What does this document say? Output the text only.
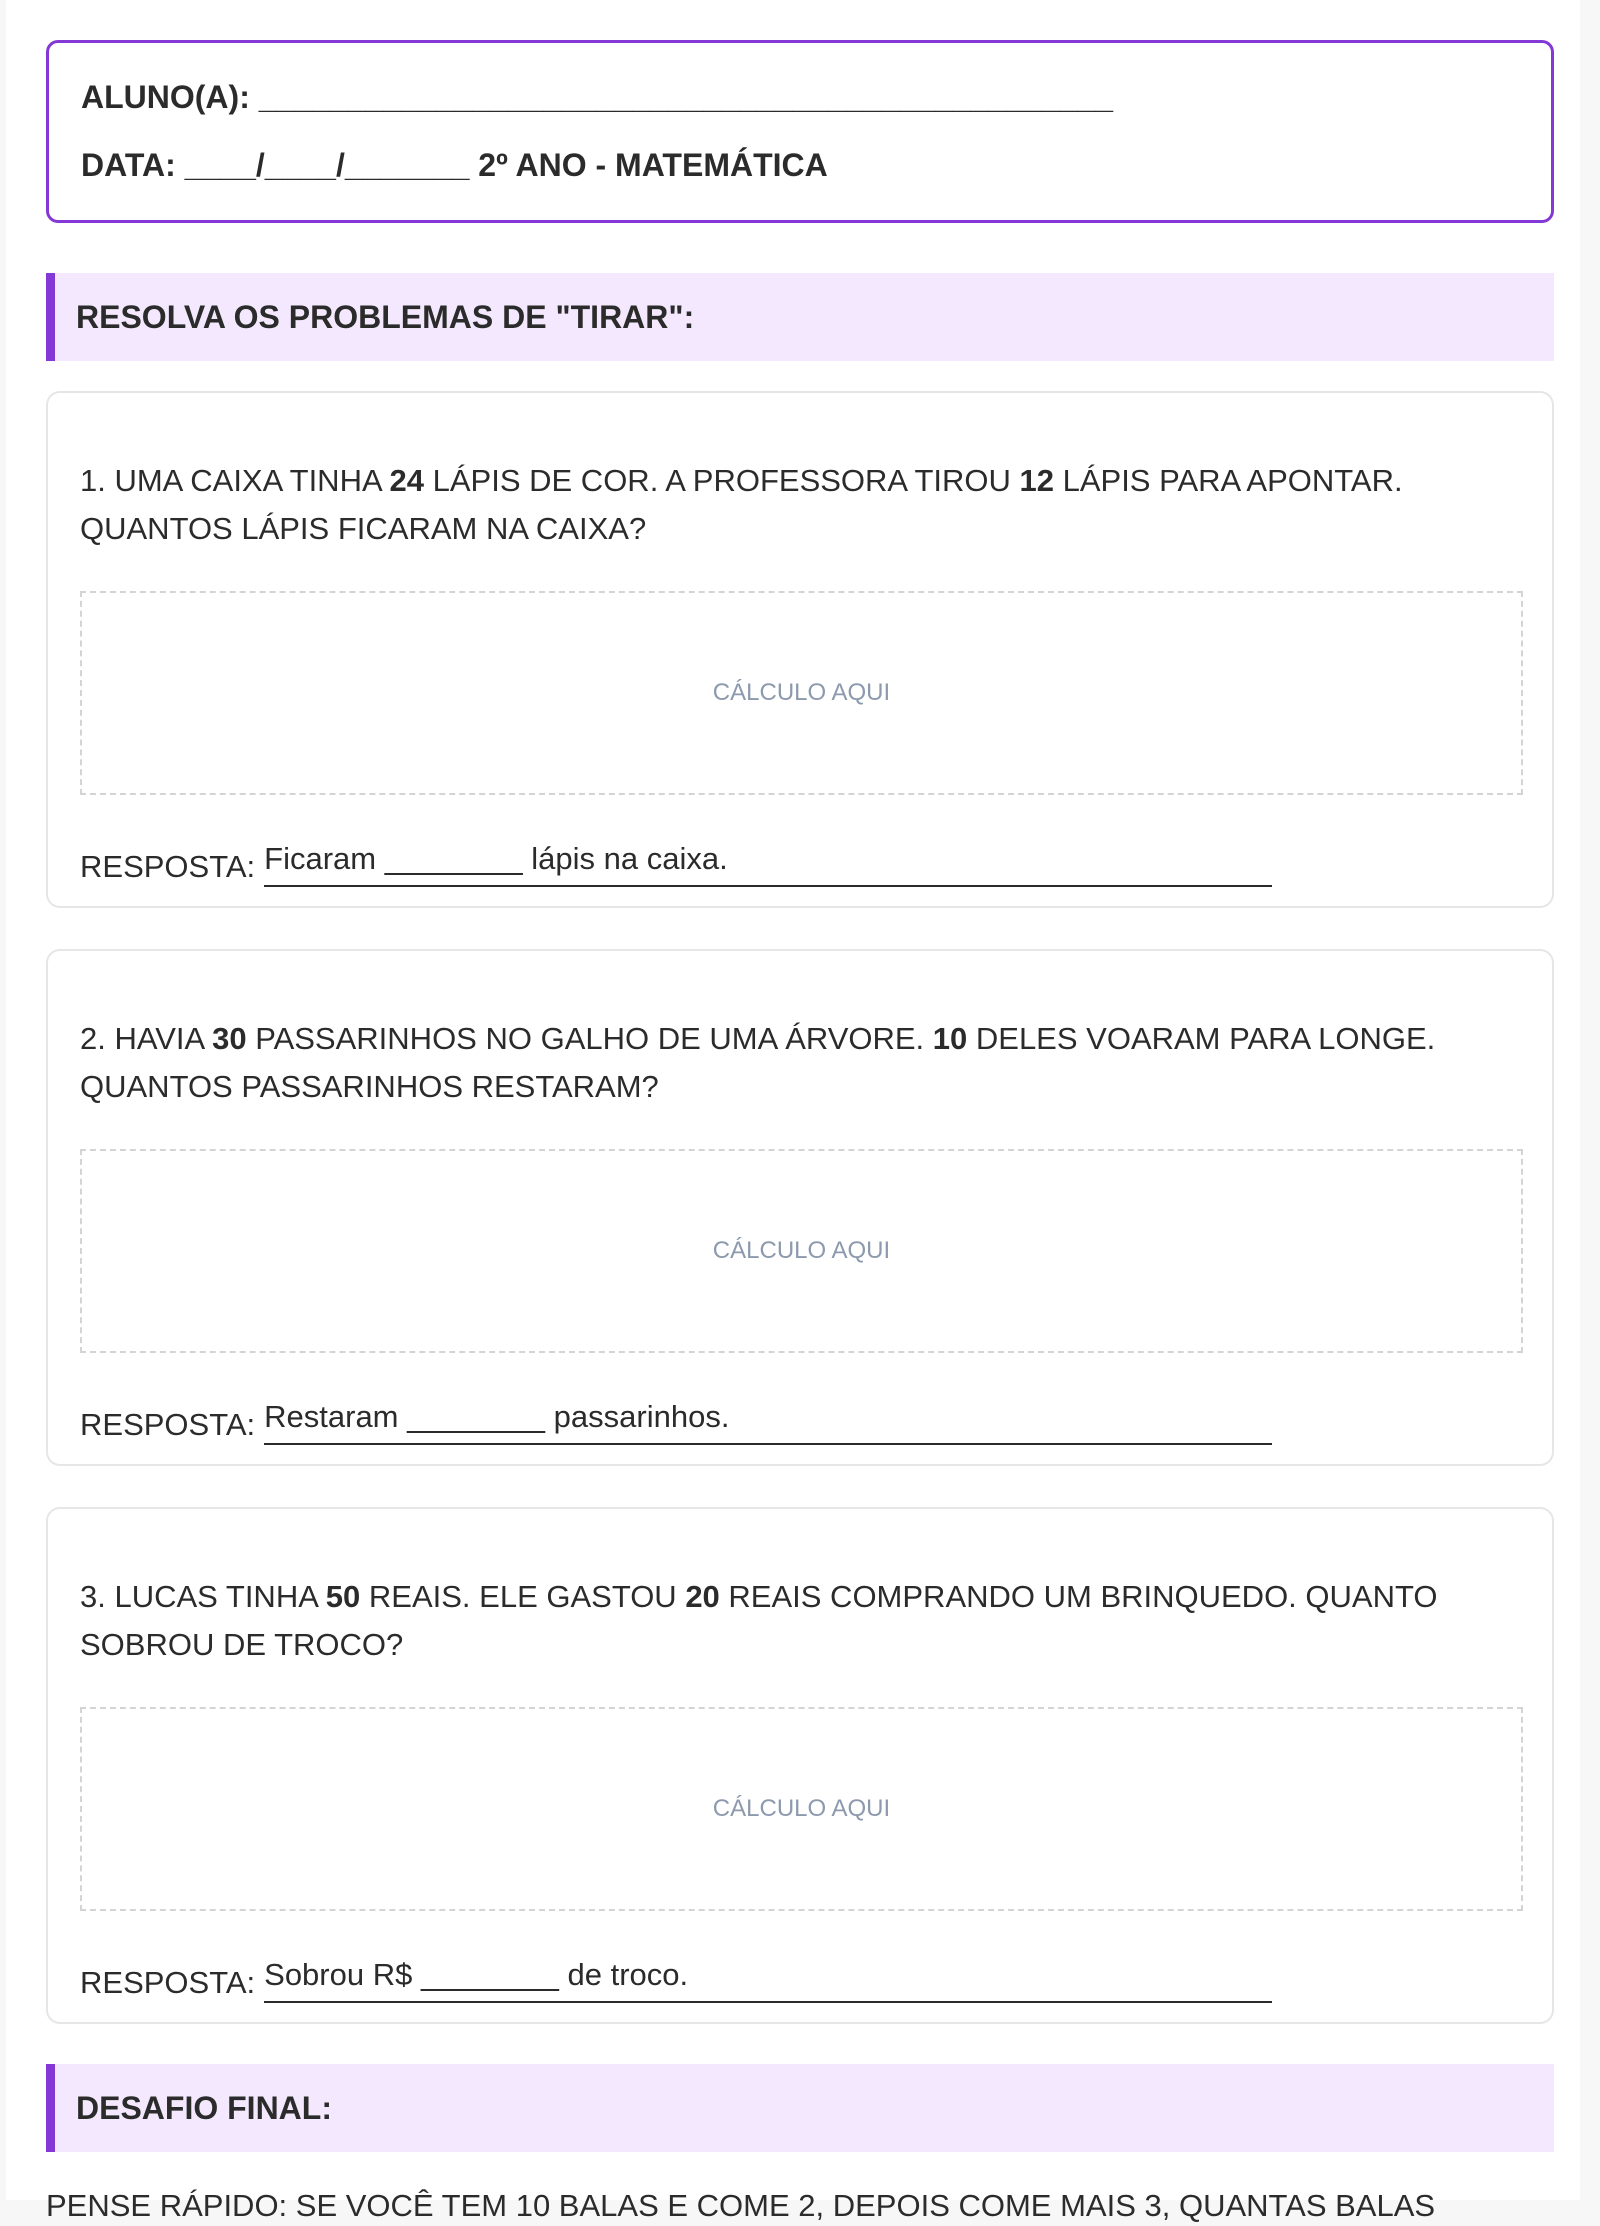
ALUNO(A): ________________________________________________
DATA: ____/____/_______ 2º ANO - MATEMÁTICA
RESOLVA OS PROBLEMAS DE "TIRAR":
1. UMA CAIXA TINHA 24 LÁPIS DE COR. A PROFESSORA TIROU 12 LÁPIS PARA APONTAR. QUANTOS LÁPIS FICARAM NA CAIXA?
CÁLCULO AQUI
RESPOSTA: Ficaram ________ lápis na caixa.
2. HAVIA 30 PASSARINHOS NO GALHO DE UMA ÁRVORE. 10 DELES VOARAM PARA LONGE. QUANTOS PASSARINHOS RESTARAM?
CÁLCULO AQUI
RESPOSTA: Restaram ________ passarinhos.
3. LUCAS TINHA 50 REAIS. ELE GASTOU 20 REAIS COMPRANDO UM BRINQUEDO. QUANTO SOBROU DE TROCO?
CÁLCULO AQUI
RESPOSTA: Sobrou R$ ________ de troco.
DESAFIO FINAL:
PENSE RÁPIDO: SE VOCÊ TEM 10 BALAS E COME 2, DEPOIS COME MAIS 3, QUANTAS BALAS
